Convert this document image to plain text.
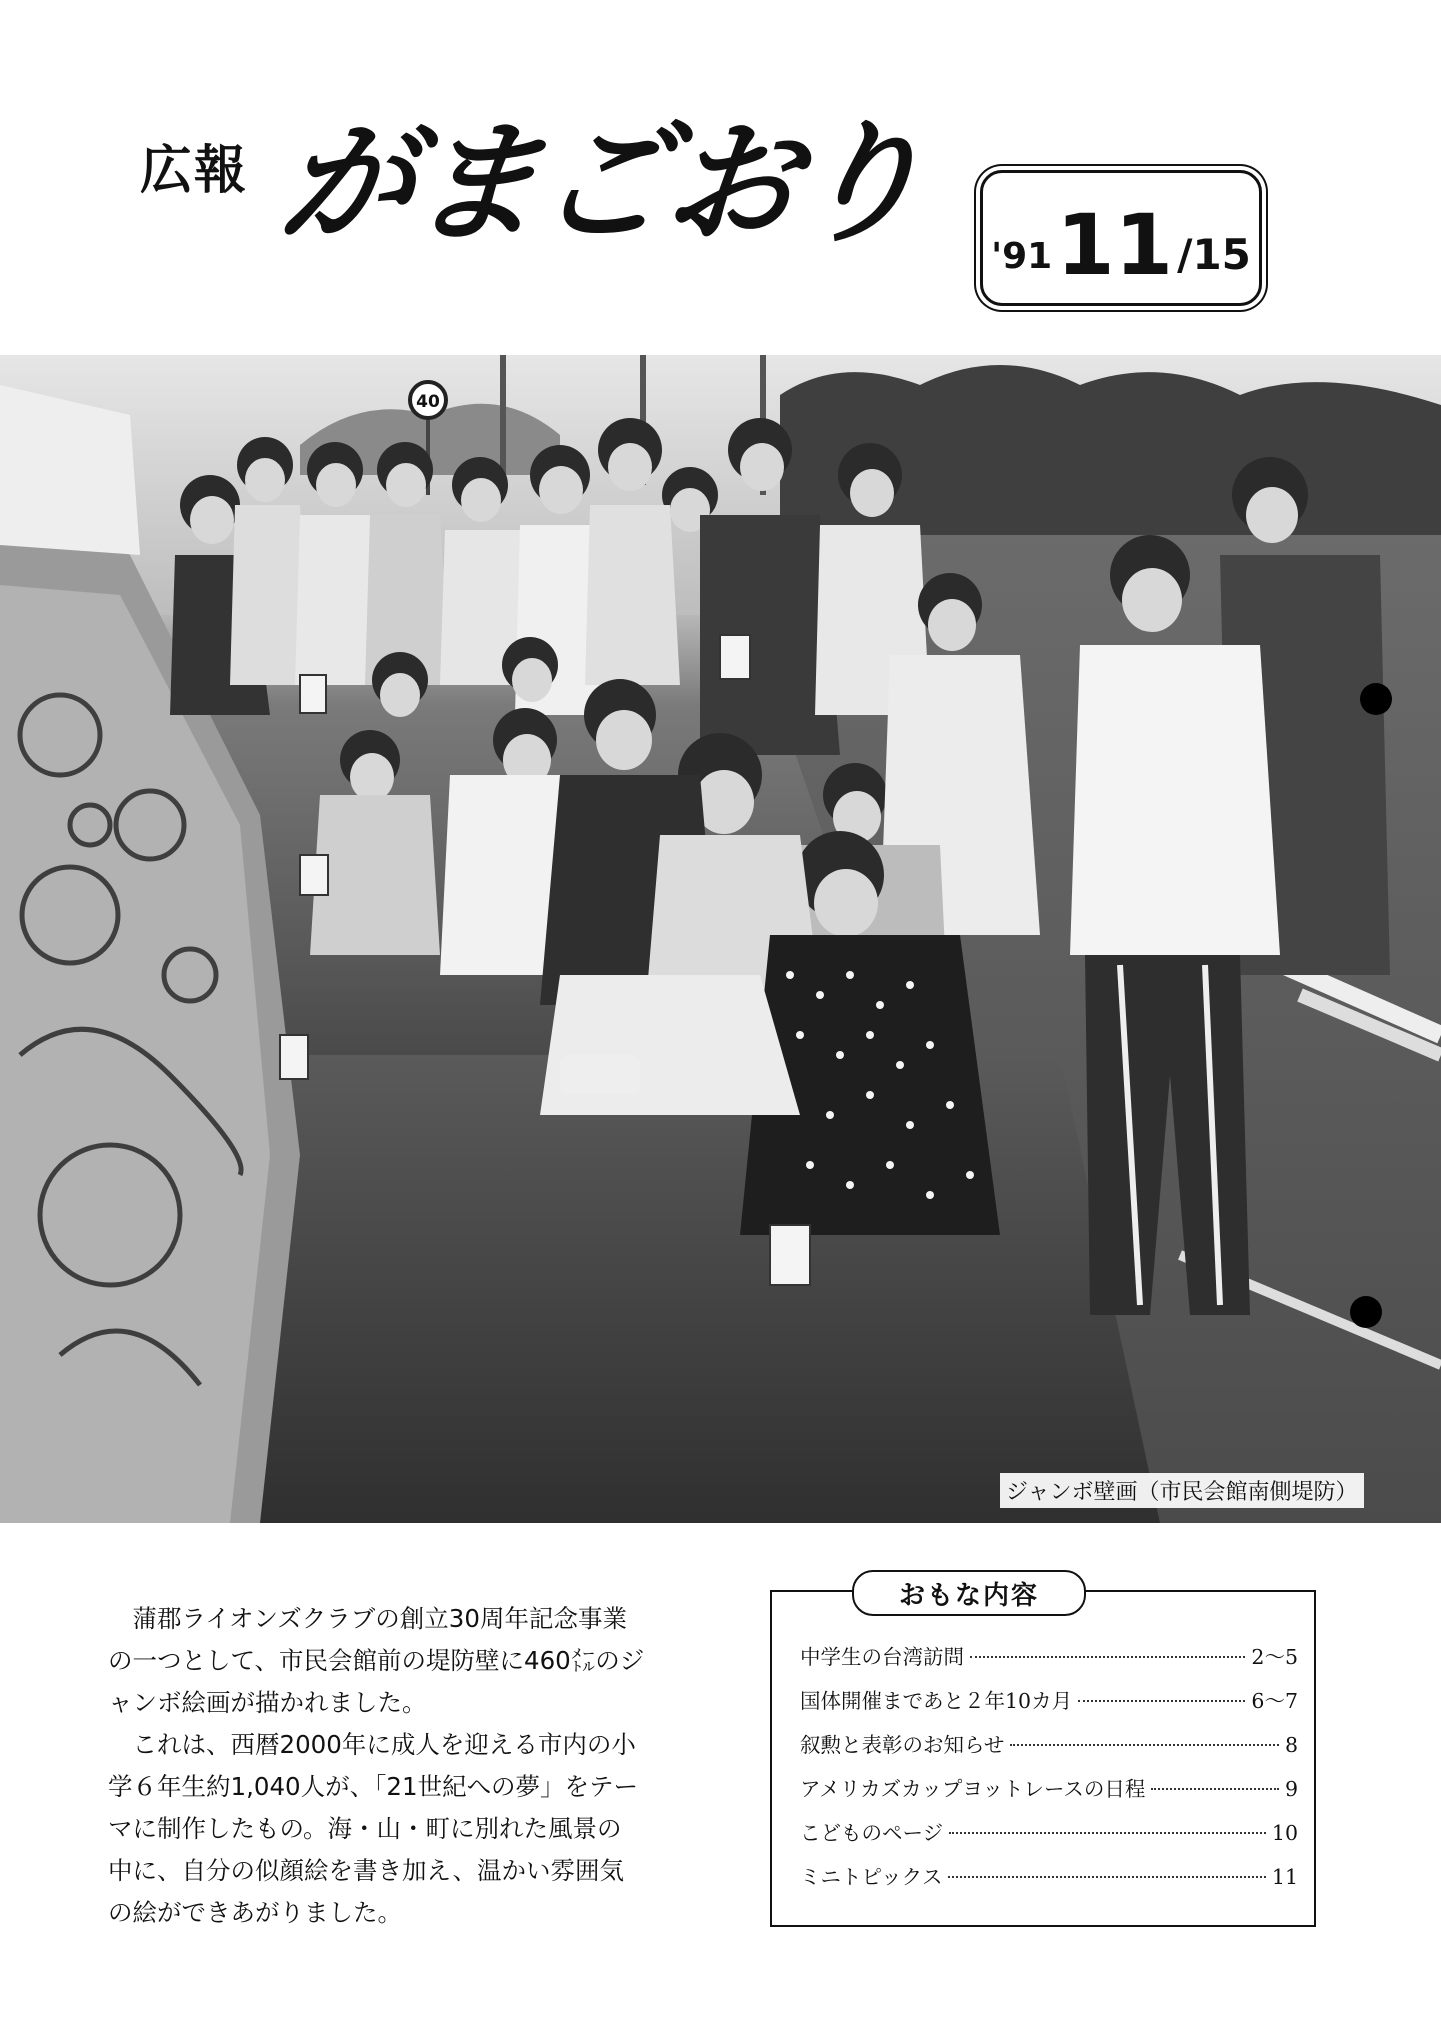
広報 がまごおり '91 11 /15
40
ジャンボ壁画（市民会館南側堤防）

蒲郡ライオンズクラブの創立30周年記念事業の一つとして、市民会館前の堤防壁に460㍍のジャンボ絵画が描かれました。

これは、西暦2000年に成人を迎える市内の小学６年生約1,040人が、「21世紀への夢」をテーマに制作したもの。海・山・町に別れた風景の中に、自分の似顔絵を書き加え、温かい雰囲気の絵ができあがりました。

おもな内容
中学生の台湾訪問	2〜5
国体開催まであと２年10カ月	6〜7
叙勲と表彰のお知らせ	8
アメリカズカップヨットレースの日程	9
こどものページ	10
ミニトピックス	11
